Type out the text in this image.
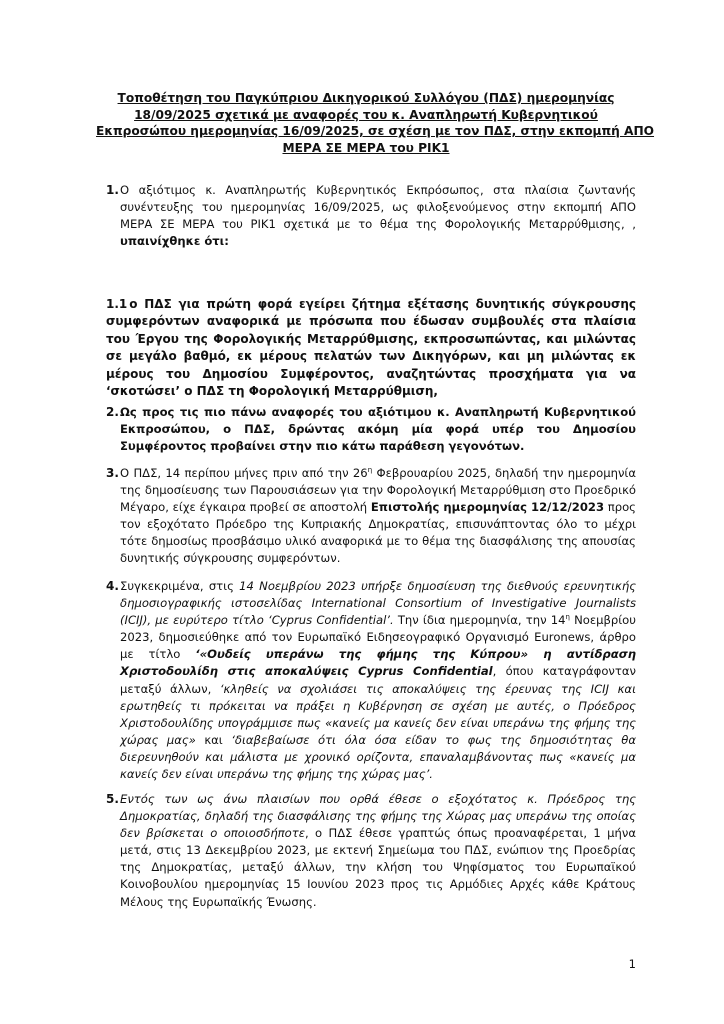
Τοποθέτηση του Παγκύπριου Δικηγορικού Συλλόγου (ΠΔΣ) ημερομηνίας
18/09/2025 σχετικά με αναφορές του κ. Αναπληρωτή Κυβερνητικού
Εκπροσώπου ημερομηνίας 16/09/2025, σε σχέση με τον ΠΔΣ, στην εκπομπή ΑΠΟ
ΜΕΡΑ ΣΕ ΜΕΡΑ του ΡΙΚ1
1. Ο αξιότιμος κ. Αναπληρωτής Κυβερνητικός Εκπρόσωπος, στα πλαίσια ζωντανής συνέντευξης του ημερομηνίας 16/09/2025, ως φιλοξενούμενος στην εκπομπή ΑΠΟ ΜΕΡΑ ΣΕ ΜΕΡΑ του ΡΙΚ1 σχετικά με το θέμα της Φορολογικής Μεταρρύθμισης, , υπαινίχθηκε ότι:
1.1 ο ΠΔΣ για πρώτη φορά εγείρει ζήτημα εξέτασης δυνητικής σύγκρουσης συμφερόντων αναφορικά με πρόσωπα που έδωσαν συμβουλές στα πλαίσια του Έργου της Φορολογικής Μεταρρύθμισης, εκπροσωπώντας, και μιλώντας σε μεγάλο βαθμό, εκ μέρους πελατών των Δικηγόρων, και μη μιλώντας εκ μέρους του Δημοσίου Συμφέροντος, αναζητώντας προσχήματα για να ‘σκοτώσει’ ο ΠΔΣ τη Φορολογική Μεταρρύθμιση,
2. Ως προς τις πιο πάνω αναφορές του αξιότιμου κ. Αναπληρωτή Κυβερνητικού Εκπροσώπου, ο ΠΔΣ, δρώντας ακόμη μία φορά υπέρ του Δημοσίου Συμφέροντος προβαίνει στην πιο κάτω παράθεση γεγονότων.
3. Ο ΠΔΣ, 14 περίπου μήνες πριν από την $26^\eta$ Φεβρουαρίου 2025, δηλαδή την ημερομηνία της δημοσίευσης των Παρουσιάσεων για την Φορολογική Μεταρρύθμιση στο Προεδρικό Μέγαρο, είχε έγκαιρα προβεί σε αποστολή Επιστολής ημερομηνίας 12/12/2023 προς τον εξοχότατο Πρόεδρο της Κυπριακής Δημοκρατίας, επισυνάπτοντας όλο το μέχρι τότε δημοσίως προσβάσιμο υλικό αναφορικά με το θέμα της διασφάλισης της απουσίας δυνητικής σύγκρουσης συμφερόντων.
4. Συγκεκριμένα, στις 14 Νοεμβρίου 2023 υπήρξε δημοσίευση της διεθνούς ερευνητικής δημοσιογραφικής ιστοσελίδας International Consortium of Investigative Journalists (ICIJ), με ευρύτερο τίτλο ‘Cyprus Confidential’. Την ίδια ημερομηνία, την $14^\eta$ Νοεμβρίου 2023, δημοσιεύθηκε από τον Ευρωπαϊκό Ειδησεογραφικό Οργανισμό Euronews, άρθρο με τίτλο ‘«Ουδείς υπεράνω της φήμης της Κύπρου» η αντίδραση Χριστοδουλίδη στις αποκαλύψεις Cyprus Confidential, όπου καταγράφονταν μεταξύ άλλων, ‘κληθείς να σχολιάσει τις αποκαλύψεις της έρευνας της ICIJ και ερωτηθείς τι πρόκειται να πράξει η Κυβέρνηση σε σχέση με αυτές, ο Πρόεδρος Χριστοδουλίδης υπογράμμισε πως «κανείς μα κανείς δεν είναι υπεράνω της φήμης της χώρας μας» και ‘διαβεβαίωσε ότι όλα όσα είδαν το φως της δημοσιότητας θα διερευνηθούν και μάλιστα με χρονικό ορίζοντα, επαναλαμβάνοντας πως «κανείς μα κανείς δεν είναι υπεράνω της φήμης της χώρας μας’.
5. Εντός των ως άνω πλαισίων που ορθά έθεσε ο εξοχότατος κ. Πρόεδρος της Δημοκρατίας, δηλαδή της διασφάλισης της φήμης της Χώρας μας υπεράνω της οποίας δεν βρίσκεται ο οποιοσδήποτε, ο ΠΔΣ έθεσε γραπτώς όπως προαναφέρεται, 1 μήνα μετά, στις 13 Δεκεμβρίου 2023, με εκτενή Σημείωμα του ΠΔΣ, ενώπιον της Προεδρίας της Δημοκρατίας, μεταξύ άλλων, την κλήση του Ψηφίσματος του Ευρωπαϊκού Κοινοβουλίου ημερομηνίας 15 Ιουνίου 2023 προς τις Αρμόδιες Αρχές κάθε Κράτους Μέλους της Ευρωπαϊκής Ένωσης.
1
